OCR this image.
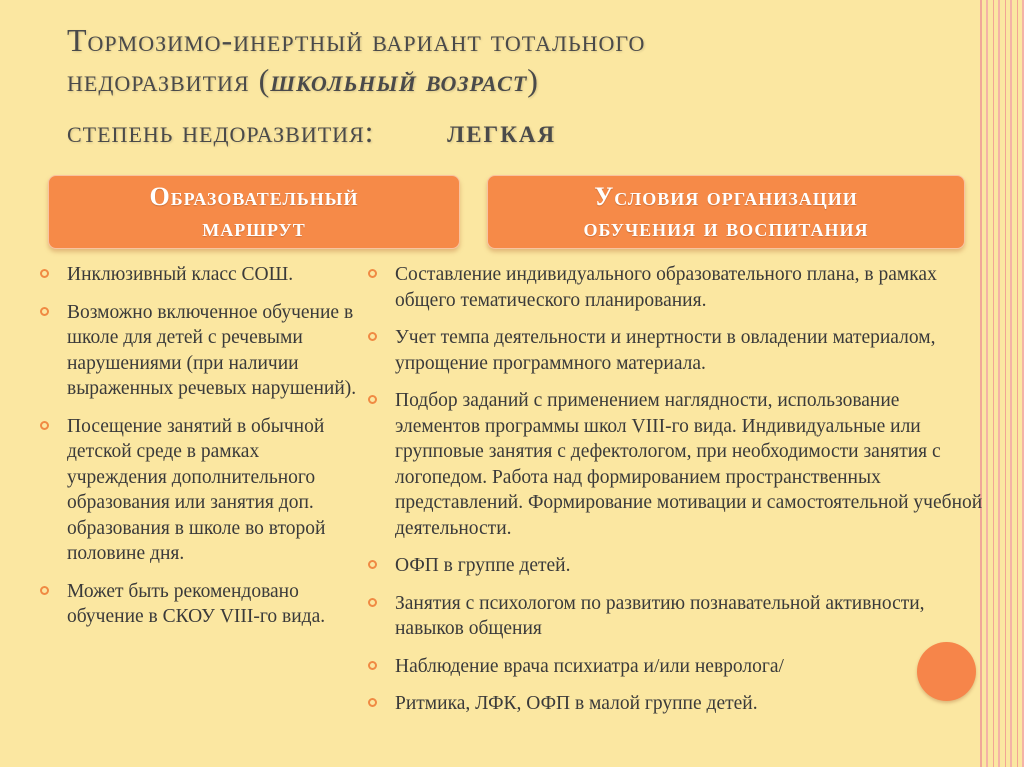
Тормозимо-инертный вариант тотального
недоразвития (школьный возраст)
степень недоразвития: легкая
Образовательный
маршрут
Условия организации
обучения и воспитания
Инклюзивный класс СОШ.
Возможно включенное обучение в школе для детей с речевыми нарушениями (при наличии выраженных речевых нарушений).
Посещение занятий в обычной детской среде в рамках учреждения дополнительного образования или занятия доп. образования в школе во второй половине дня.
Может быть рекомендовано обучение в СКОУ VIII-го вида.
Составление индивидуального образовательного плана, в рамках общего тематического планирования.
Учет темпа деятельности и инертности в овладении материалом, упрощение программного материала.
Подбор заданий с применением наглядности, использование элементов программы школ VIII-го вида. Индивидуальные или групповые занятия с дефектологом, при необходимости занятия с логопедом. Работа над формированием пространственных представлений. Формирование мотивации и самостоятельной учебной деятельности.
ОФП в группе детей.
Занятия с психологом по развитию познавательной активности, навыков общения
Наблюдение врача психиатра и/или невролога/
Ритмика, ЛФК, ОФП в малой группе детей.
